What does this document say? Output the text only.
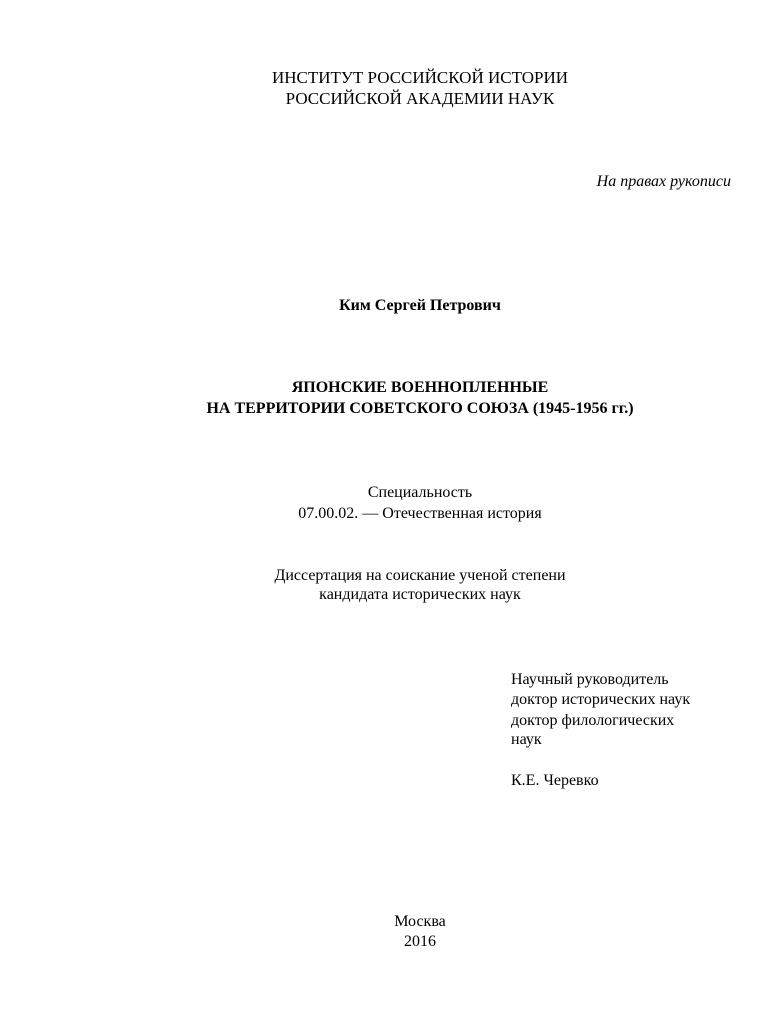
ИНСТИТУТ РОССИЙСКОЙ ИСТОРИИ
РОССИЙСКОЙ АКАДЕМИИ НАУК
На правах рукописи
Ким Сергей Петрович
ЯПОНСКИЕ ВОЕННОПЛЕННЫЕ
НА ТЕРРИТОРИИ СОВЕТСКОГО СОЮЗА (1945-1956 гг.)
Специальность
07.00.02. — Отечественная история
Диссертация на соискание ученой степени
кандидата исторических наук
Научный руководитель
доктор исторических наук
доктор филологических
наук
К.Е. Черевко
Москва
2016
